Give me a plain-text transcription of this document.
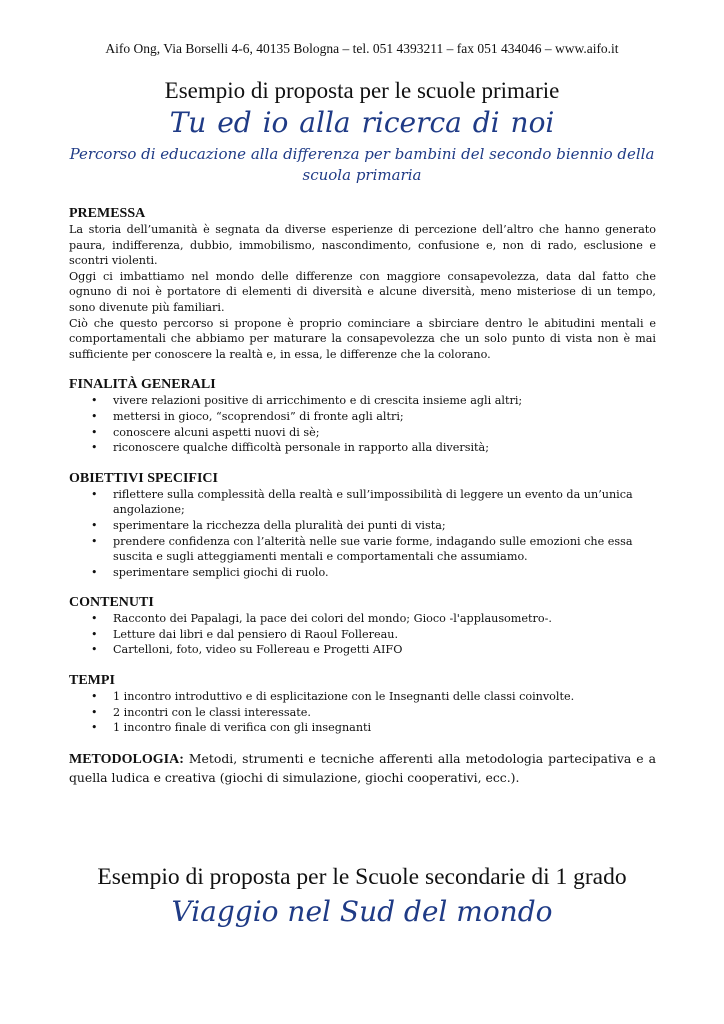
Aifo Ong, Via Borselli 4-6, 40135 Bologna – tel. 051 4393211 – fax 051 434046 – www.aifo.it
Esempio di proposta per le scuole primarie
Tu ed io alla ricerca di noi
Percorso di educazione alla differenza per bambini del secondo biennio della scuola primaria

PREMESSA

La storia dell’umanità è segnata da diverse esperienze di percezione dell’altro che hanno generato paura, indifferenza, dubbio, immobilismo, nascondimento, confusione e, non di rado, esclusione e scontri violenti.

Oggi ci imbattiamo nel mondo delle differenze con maggiore consapevolezza, data dal fatto che ognuno di noi è portatore di elementi di diversità e alcune diversità, meno misteriose di un tempo, sono divenute più familiari.

Ciò che questo percorso si propone è proprio cominciare a sbirciare dentro le abitudini mentali e comportamentali che abbiamo per maturare la consapevolezza che un solo punto di vista non è mai sufficiente per conoscere la realtà e, in essa, le differenze che la colorano.

FINALITÀ GENERALI

• vivere relazioni positive di arricchimento e di crescita insieme agli altri;
• mettersi in gioco, “scoprendosi” di fronte agli altri;
• conoscere alcuni aspetti nuovi di sè;
• riconoscere qualche difficoltà personale in rapporto alla diversità;

OBIETTIVI SPECIFICI

• riflettere sulla complessità della realtà e sull’impossibilità di leggere un evento da un’unica angolazione;
• sperimentare la ricchezza della pluralità dei punti di vista;
• prendere confidenza con l’alterità nelle sue varie forme, indagando sulle emozioni che essa suscita e sugli atteggiamenti mentali e comportamentali che assumiamo.
• sperimentare semplici giochi di ruolo.

CONTENUTI

• Racconto dei Papalagi, la pace dei colori del mondo; Gioco -l'applausometro-.
• Letture dai libri e dal pensiero di Raoul Follereau.
• Cartelloni, foto, video su Follereau e Progetti AIFO

TEMPI

• 1 incontro introduttivo e di esplicitazione con le Insegnanti delle classi coinvolte.
• 2 incontri con le classi interessate.
• 1 incontro finale di verifica con gli insegnanti

METODOLOGIA: Metodi, strumenti e tecniche afferenti alla metodologia partecipativa e a quella ludica e creativa (giochi di simulazione, giochi cooperativi, ecc.).

Esempio di proposta per le Scuole secondarie di 1 grado
Viaggio nel Sud del mondo
